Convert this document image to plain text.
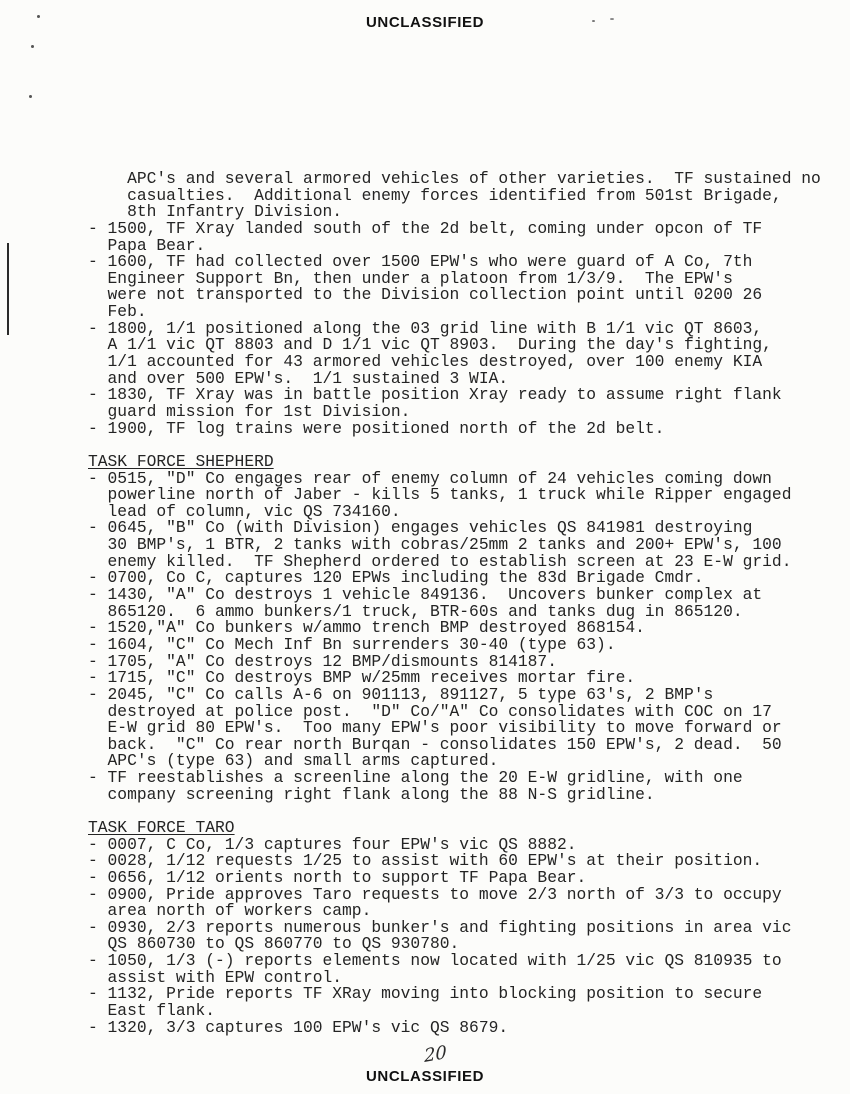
UNCLASSIFIED
APC's and several armored vehicles of other varieties.  TF sustained no
casualties.  Additional enemy forces identified from 501st Brigade,
8th Infantry Division.
- 1500, TF Xray landed south of the 2d belt, coming under opcon of TF
Papa Bear.
- 1600, TF had collected over 1500 EPW's who were guard of A Co, 7th
Engineer Support Bn, then under a platoon from 1/3/9.  The EPW's
were not transported to the Division collection point until 0200 26
Feb.
- 1800, 1/1 positioned along the 03 grid line with B 1/1 vic QT 8603,
A 1/1 vic QT 8803 and D 1/1 vic QT 8903.  During the day's fighting,
1/1 accounted for 43 armored vehicles destroyed, over 100 enemy KIA
and over 500 EPW's.  1/1 sustained 3 WIA.
- 1830, TF Xray was in battle position Xray ready to assume right flank
guard mission for 1st Division.
- 1900, TF log trains were positioned north of the 2d belt.

TASK FORCE SHEPHERD
- 0515, "D" Co engages rear of enemy column of 24 vehicles coming down
powerline north of Jaber - kills 5 tanks, 1 truck while Ripper engaged
lead of column, vic QS 734160.
- 0645, "B" Co (with Division) engages vehicles QS 841981 destroying
30 BMP's, 1 BTR, 2 tanks with cobras/25mm 2 tanks and 200+ EPW's, 100
enemy killed.  TF Shepherd ordered to establish screen at 23 E-W grid.
- 0700, Co C, captures 120 EPWs including the 83d Brigade Cmdr.
- 1430, "A" Co destroys 1 vehicle 849136.  Uncovers bunker complex at
865120.  6 ammo bunkers/1 truck, BTR-60s and tanks dug in 865120.
- 1520,"A" Co bunkers w/ammo trench BMP destroyed 868154.
- 1604, "C" Co Mech Inf Bn surrenders 30-40 (type 63).
- 1705, "A" Co destroys 12 BMP/dismounts 814187.
- 1715, "C" Co destroys BMP w/25mm receives mortar fire.
- 2045, "C" Co calls A-6 on 901113, 891127, 5 type 63's, 2 BMP's
destroyed at police post.  "D" Co/"A" Co consolidates with COC on 17
E-W grid 80 EPW's.  Too many EPW's poor visibility to move forward or
back.  "C" Co rear north Burqan - consolidates 150 EPW's, 2 dead.  50
APC's (type 63) and small arms captured.
- TF reestablishes a screenline along the 20 E-W gridline, with one
company screening right flank along the 88 N-S gridline.

TASK FORCE TARO
- 0007, C Co, 1/3 captures four EPW's vic QS 8882.
- 0028, 1/12 requests 1/25 to assist with 60 EPW's at their position.
- 0656, 1/12 orients north to support TF Papa Bear.
- 0900, Pride approves Taro requests to move 2/3 north of 3/3 to occupy
area north of workers camp.
- 0930, 2/3 reports numerous bunker's and fighting positions in area vic
QS 860730 to QS 860770 to QS 930780.
- 1050, 1/3 (-) reports elements now located with 1/25 vic QS 810935 to
assist with EPW control.
- 1132, Pride reports TF XRay moving into blocking position to secure
East flank.
- 1320, 3/3 captures 100 EPW's vic QS 8679.
20
UNCLASSIFIED
